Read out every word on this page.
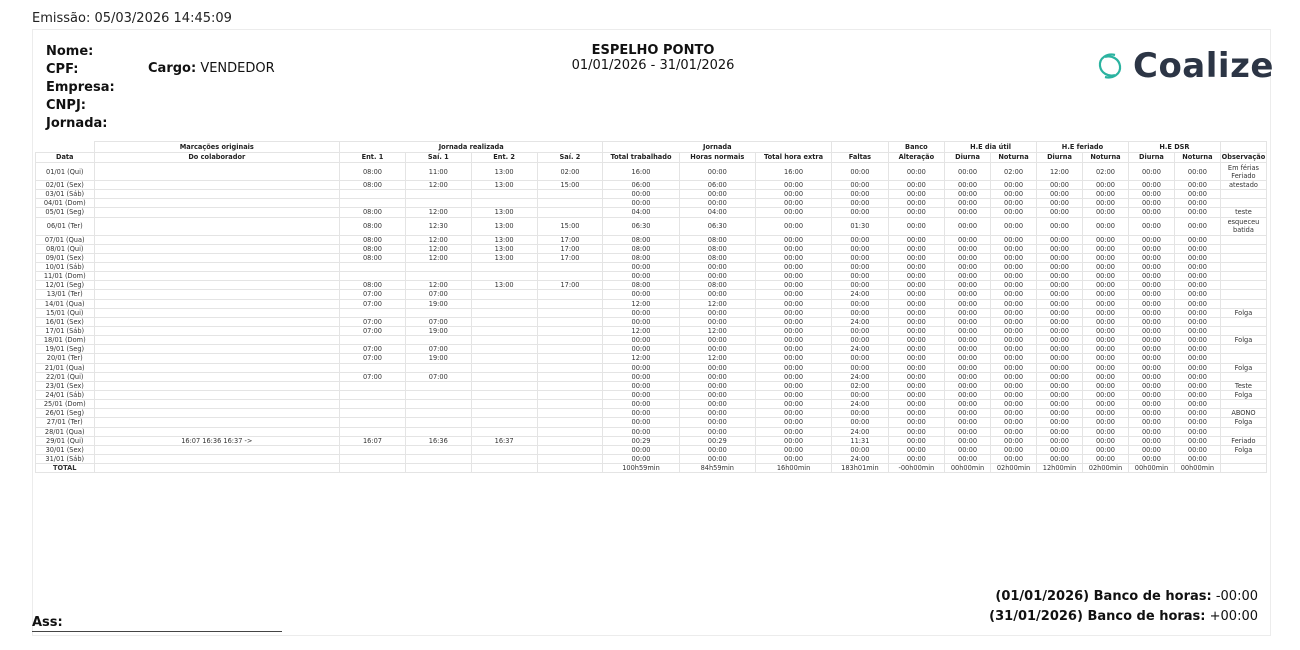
Emissão: 05/03/2026 14:45:09
Nome:
CPF:
Empresa:
CNPJ:
Jornada:
Cargo: VENDEDOR
ESPELHO PONTO
01/01/2026 - 31/01/2026	Coalize
	Marcações originais	Jornada realizada				Jornada				Banco	H.E dia útil		H.E feriado		H.E DSR		
Data	Do colaborador	Ent. 1	Saí. 1	Ent. 2	Saí. 2	Total trabalhado	Horas normais	Total hora extra	Faltas	Alteração	Diurna	Noturna	Diurna	Noturna	Diurna	Noturna	Observação
01/01 (Qui)		08:00	11:00	13:00	02:00	16:00	00:00	16:00	00:00	00:00	00:00	02:00	12:00	02:00	00:00	00:00	Em férias Feriado
02/01 (Sex)		08:00	12:00	13:00	15:00	06:00	06:00	00:00	00:00	00:00	00:00	00:00	00:00	00:00	00:00	00:00	atestado
03/01 (Sáb)						00:00	00:00	00:00	00:00	00:00	00:00	00:00	00:00	00:00	00:00	00:00	
04/01 (Dom)						00:00	00:00	00:00	00:00	00:00	00:00	00:00	00:00	00:00	00:00	00:00	
05/01 (Seg)		08:00	12:00	13:00		04:00	04:00	00:00	00:00	00:00	00:00	00:00	00:00	00:00	00:00	00:00	teste
06/01 (Ter)		08:00	12:30	13:00	15:00	06:30	06:30	00:00	01:30	00:00	00:00	00:00	00:00	00:00	00:00	00:00	esqueceu batida
07/01 (Qua)		08:00	12:00	13:00	17:00	08:00	08:00	00:00	00:00	00:00	00:00	00:00	00:00	00:00	00:00	00:00	
08/01 (Qui)		08:00	12:00	13:00	17:00	08:00	08:00	00:00	00:00	00:00	00:00	00:00	00:00	00:00	00:00	00:00	
09/01 (Sex)		08:00	12:00	13:00	17:00	08:00	08:00	00:00	00:00	00:00	00:00	00:00	00:00	00:00	00:00	00:00	
10/01 (Sáb)						00:00	00:00	00:00	00:00	00:00	00:00	00:00	00:00	00:00	00:00	00:00	
11/01 (Dom)						00:00	00:00	00:00	00:00	00:00	00:00	00:00	00:00	00:00	00:00	00:00	
12/01 (Seg)		08:00	12:00	13:00	17:00	08:00	08:00	00:00	00:00	00:00	00:00	00:00	00:00	00:00	00:00	00:00	
13/01 (Ter)		07:00	07:00			00:00	00:00	00:00	24:00	00:00	00:00	00:00	00:00	00:00	00:00	00:00	
14/01 (Qua)		07:00	19:00			12:00	12:00	00:00	00:00	00:00	00:00	00:00	00:00	00:00	00:00	00:00	
15/01 (Qui)						00:00	00:00	00:00	00:00	00:00	00:00	00:00	00:00	00:00	00:00	00:00	Folga
16/01 (Sex)		07:00	07:00			00:00	00:00	00:00	24:00	00:00	00:00	00:00	00:00	00:00	00:00	00:00	
17/01 (Sáb)		07:00	19:00			12:00	12:00	00:00	00:00	00:00	00:00	00:00	00:00	00:00	00:00	00:00	
18/01 (Dom)						00:00	00:00	00:00	00:00	00:00	00:00	00:00	00:00	00:00	00:00	00:00	Folga
19/01 (Seg)		07:00	07:00			00:00	00:00	00:00	24:00	00:00	00:00	00:00	00:00	00:00	00:00	00:00	
20/01 (Ter)		07:00	19:00			12:00	12:00	00:00	00:00	00:00	00:00	00:00	00:00	00:00	00:00	00:00	
21/01 (Qua)						00:00	00:00	00:00	00:00	00:00	00:00	00:00	00:00	00:00	00:00	00:00	Folga
22/01 (Qui)		07:00	07:00			00:00	00:00	00:00	24:00	00:00	00:00	00:00	00:00	00:00	00:00	00:00	
23/01 (Sex)						00:00	00:00	00:00	02:00	00:00	00:00	00:00	00:00	00:00	00:00	00:00	Teste
24/01 (Sáb)						00:00	00:00	00:00	00:00	00:00	00:00	00:00	00:00	00:00	00:00	00:00	Folga
25/01 (Dom)						00:00	00:00	00:00	24:00	00:00	00:00	00:00	00:00	00:00	00:00	00:00	
26/01 (Seg)						00:00	00:00	00:00	00:00	00:00	00:00	00:00	00:00	00:00	00:00	00:00	ABONO
27/01 (Ter)						00:00	00:00	00:00	00:00	00:00	00:00	00:00	00:00	00:00	00:00	00:00	Folga
28/01 (Qua)						00:00	00:00	00:00	24:00	00:00	00:00	00:00	00:00	00:00	00:00	00:00	
29/01 (Qui)	16:07 16:36 16:37 ->	16:07	16:36	16:37		00:29	00:29	00:00	11:31	00:00	00:00	00:00	00:00	00:00	00:00	00:00	Feriado
30/01 (Sex)						00:00	00:00	00:00	00:00	00:00	00:00	00:00	00:00	00:00	00:00	00:00	Folga
31/01 (Sáb)						00:00	00:00	00:00	24:00	00:00	00:00	00:00	00:00	00:00	00:00	00:00	
TOTAL						100h59min	84h59min	16h00min	183h01min	-00h00min	00h00min	02h00min	12h00min	02h00min	00h00min	00h00min	
(01/01/2026) Banco de horas: -00:00
(31/01/2026) Banco de horas: +00:00
Ass:
